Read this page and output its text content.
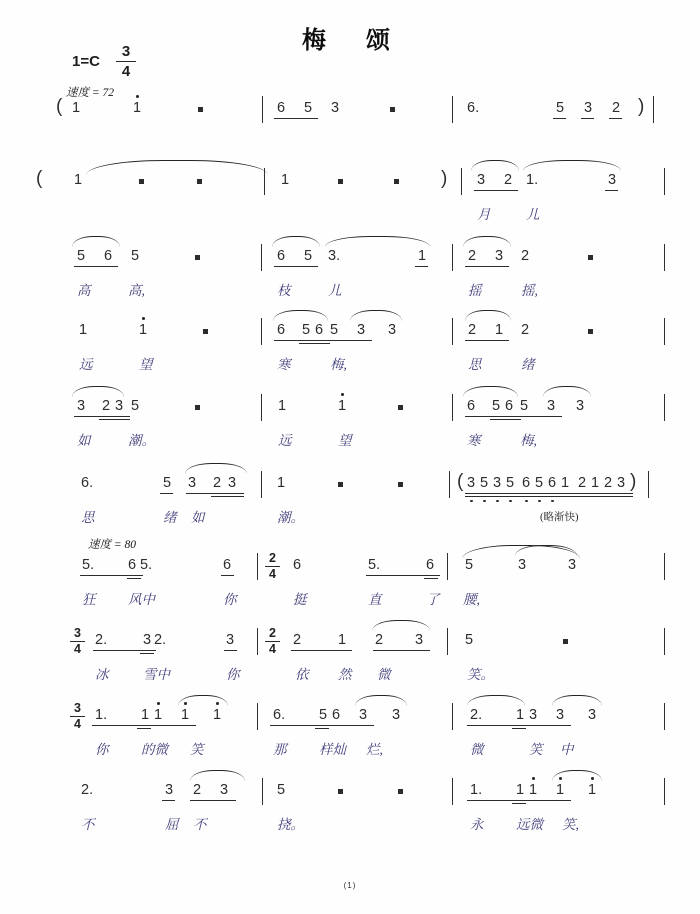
梅　颂
$1=C \frac{3}{4}$
速度 = 72
速度 = 80
( 1	1	6 5 3	6.	5 3 2 )
( 1	1	) 3 2 1.	3
月	儿
5 6 5	6 5 3.	1	2 3 2
高	高,	枝	儿	摇	摇,
1	1	6 5 6 5 3 3	2 1 2
远	望	寒	梅,	思	绪
3 2 3 5	1	1	6 5 6 5 3 3
如	潮。	远	望	寒	梅,
6.	5 3 2 3	1	( 3 5 3 5 6 5 6 1 2 1 2 3 )
思	绪 如	潮。	(略渐快)
5. 6 5.	6	$\frac{2}{4} 6$	5.	6 5	3	3
狂 风中	你	挺	直	了 腰,
$\frac{3}{4} 2$. 3 2.	$3 \frac{2}{4} 2$	1 2 3	5
冰	雪中	你	依 然 微	笑。
$\frac{3}{4} 1$. 1 1 1 1	6. 5 6 3 3	2. 1 3 3 3
你 的微 笑	那 样灿 烂,	微	笑 中
2.	3 2 3	5	1. 1 1 1 1
不	屈 不	挠。	永 远微 笑,
(1)
